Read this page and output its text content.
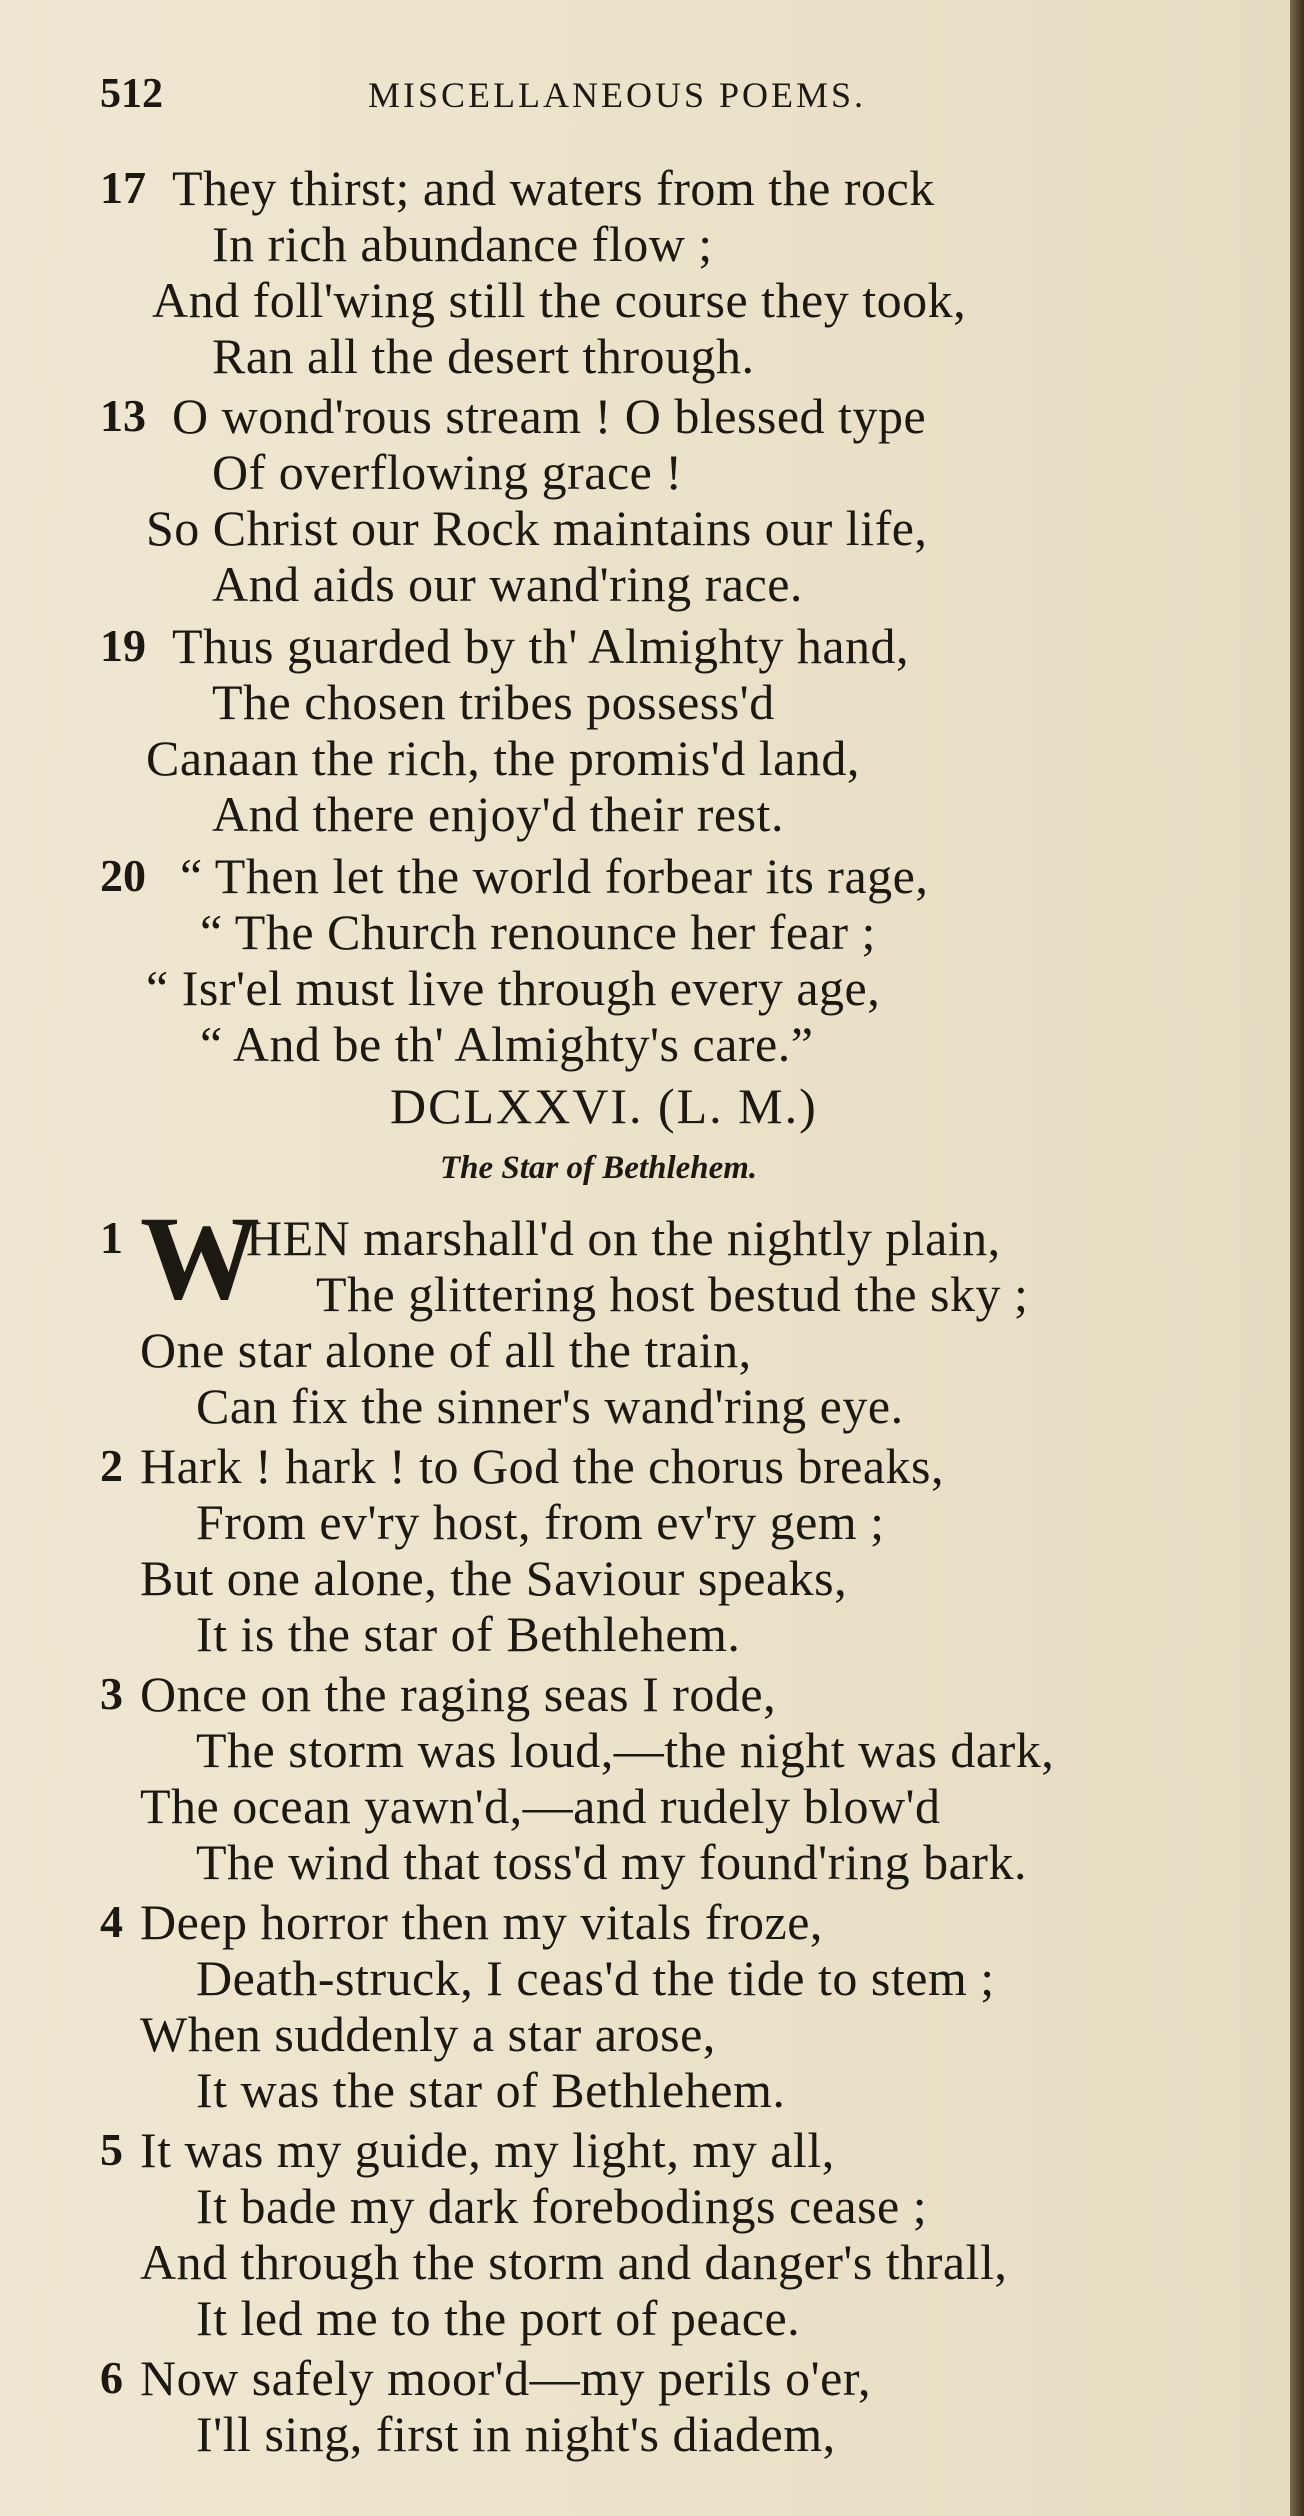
512	MISCELLANEOUS POEMS.
17 They thirst; and waters from the rock
In rich abundance flow ;
And foll'wing still the course they took,
Ran all the desert through.
13 O wond'rous stream ! O blessed type
Of overflowing grace !
So Christ our Rock maintains our life,
And aids our wand'ring race.
19 Thus guarded by th' Almighty hand,
The chosen tribes possess'd
Canaan the rich, the promis'd land,
And there enjoy'd their rest.
20 “ Then let the world forbear its rage,
“ The Church renounce her fear ;
“ Isr'el must live through every age,
“ And be th' Almighty's care.”
DCLXXVI. (L. M.)
The Star of Bethlehem.
1 W
HEN marshall'd on the nightly plain,
The glittering host bestud the sky ;
One star alone of all the train,
Can fix the sinner's wand'ring eye.
2 Hark ! hark ! to God the chorus breaks,
From ev'ry host, from ev'ry gem ;
But one alone, the Saviour speaks,
It is the star of Bethlehem.
3 Once on the raging seas I rode,
The storm was loud,—the night was dark,
The ocean yawn'd,—and rudely blow'd
The wind that toss'd my found'ring bark.
4 Deep horror then my vitals froze,
Death-struck, I ceas'd the tide to stem ;
When suddenly a star arose,
It was the star of Bethlehem.
5 It was my guide, my light, my all,
It bade my dark forebodings cease ;
And through the storm and danger's thrall,
It led me to the port of peace.
6 Now safely moor'd—my perils o'er,
I'll sing, first in night's diadem,
